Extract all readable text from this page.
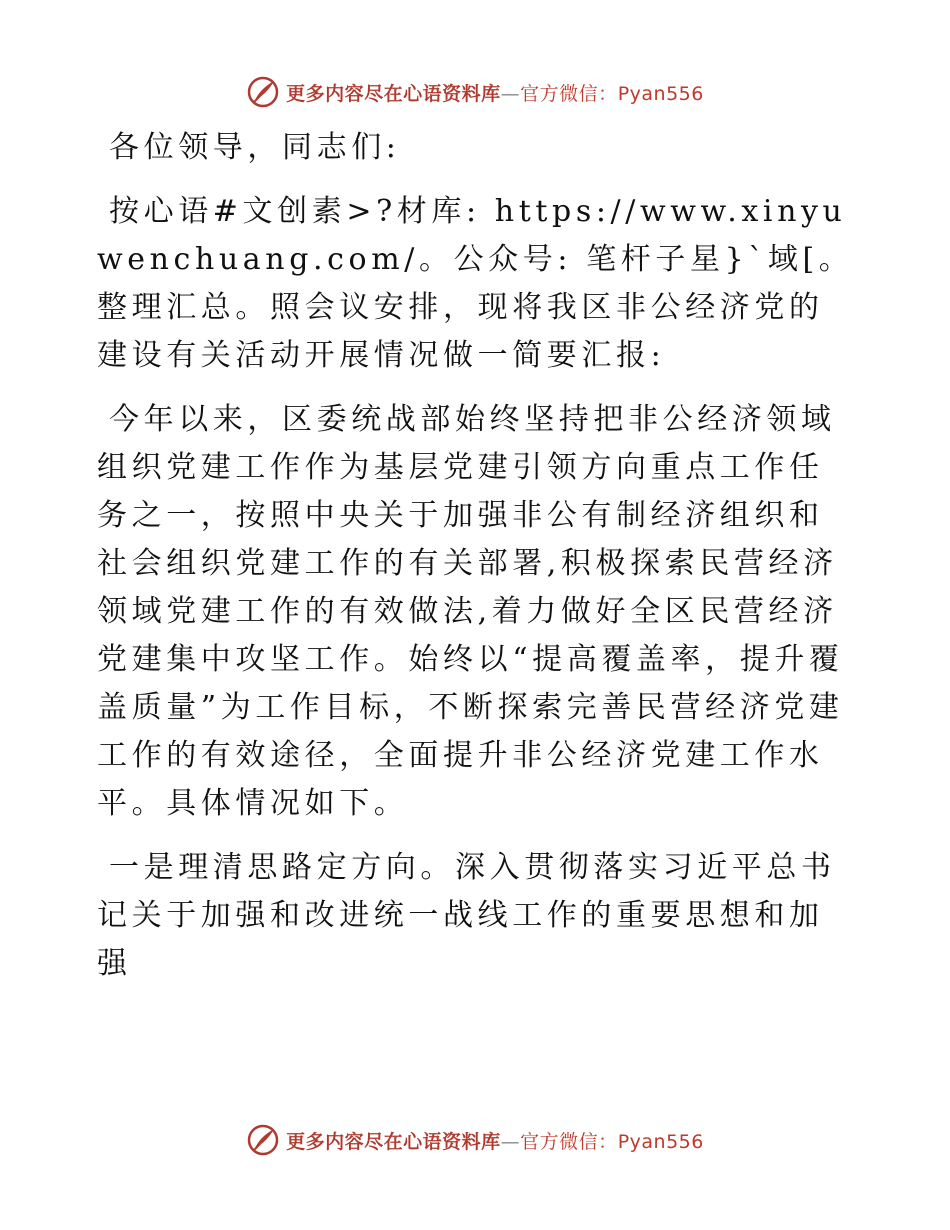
更多内容尽在心语资料库—官方微信：Pyan556

各位领导，同志们:

按心语#文创素>?材库: https://www.xinyuwenchuang.com/。公众号: 笔杆子星}`域[。整理汇总。照会议安排，现将我区非公经济党的建设有关活动开展情况做一简要汇报:

今年以来，区委统战部始终坚持把非公经济领域组织党建工作作为基层党建引领方向重点工作任务之一，按照中央关于加强非公有制经济组织和社会组织党建工作的有关部署,积极探索民营经济领域党建工作的有效做法,着力做好全区民营经济党建集中攻坚工作。始终以“提高覆盖率，提升覆盖质量”为工作目标，不断探索完善民营经济党建工作的有效途径，全面提升非公经济党建工作水平。具体情况如下。

一是理清思路定方向。深入贯彻落实习近平总书记关于加强和改进统一战线工作的重要思想和加强

更多内容尽在心语资料库—官方微信：Pyan556
